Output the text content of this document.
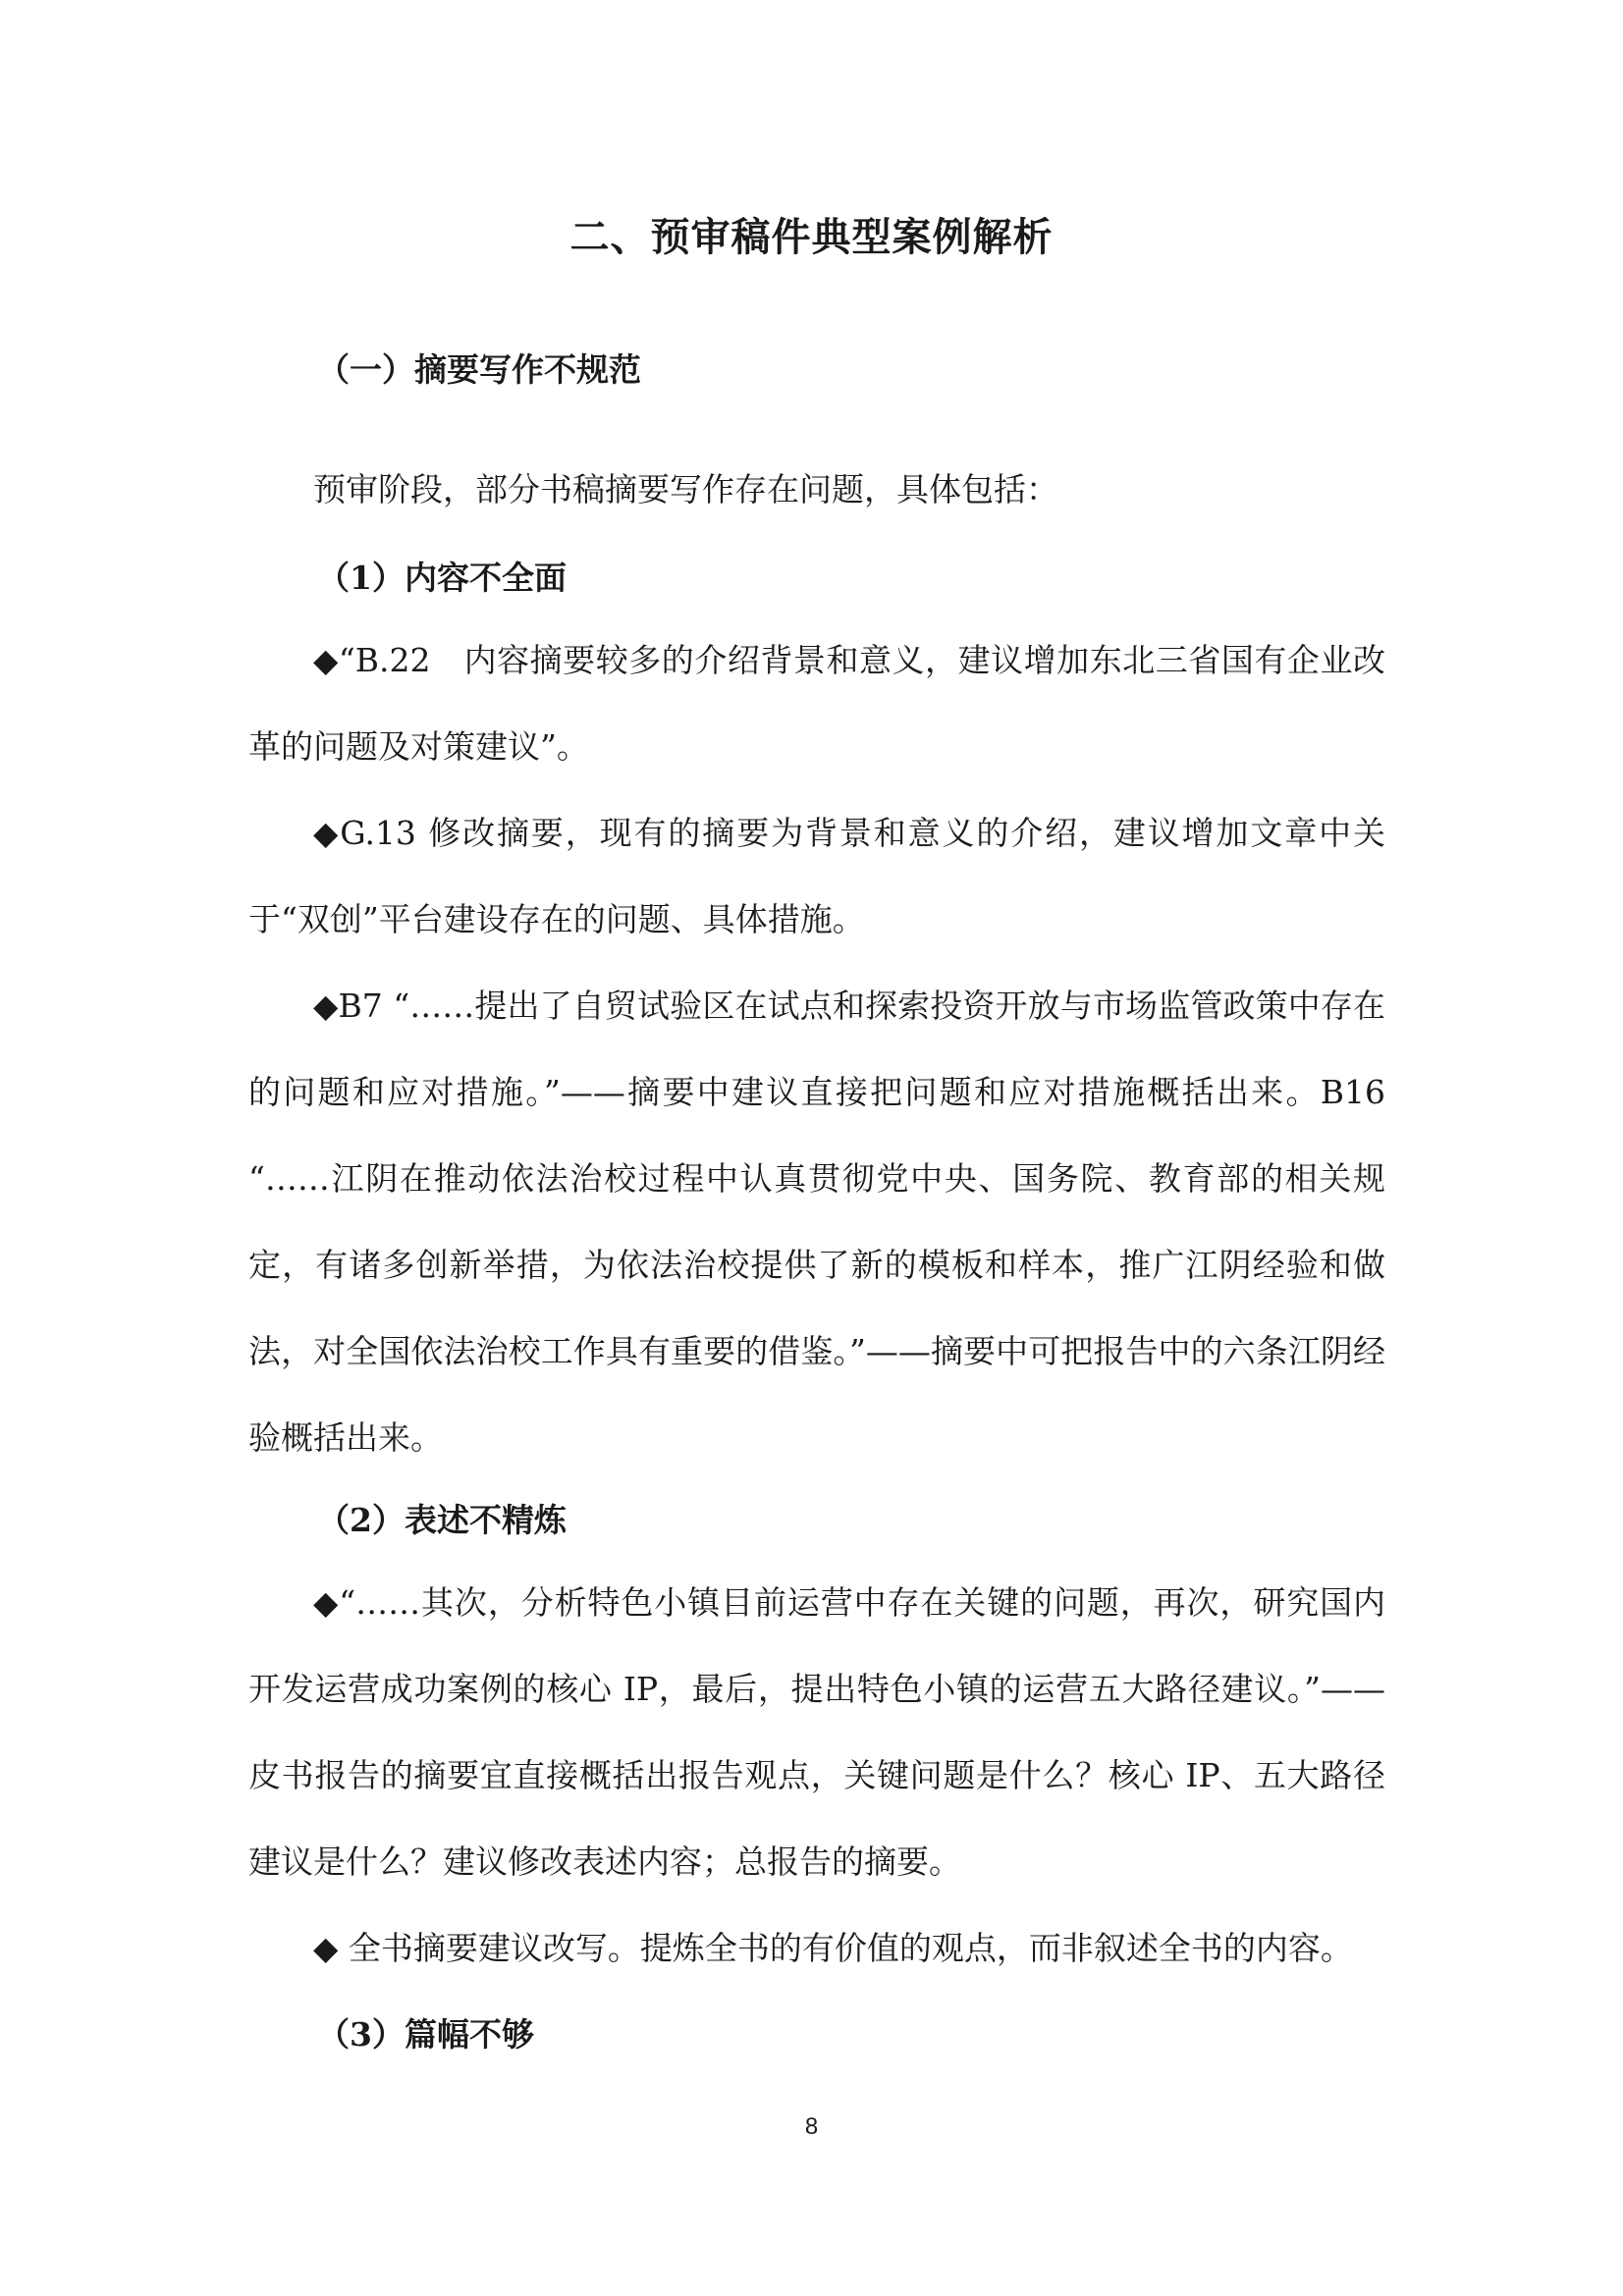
二、预审稿件典型案例解析
（一）摘要写作不规范

预审阶段，部分书稿摘要写作存在问题，具体包括：

（1）内容不全面

◆“B.22　内容摘要较多的介绍背景和意义，建议增加东北三省国有企业改革的问题及对策建议”。

◆G.13 修改摘要，现有的摘要为背景和意义的介绍，建议增加文章中关于“双创”平台建设存在的问题、具体措施。

◆B7 “……提出了自贸试验区在试点和探索投资开放与市场监管政策中存在的问题和应对措施。”——摘要中建议直接把问题和应对措施概括出来。B16 “……江阴在推动依法治校过程中认真贯彻党中央、国务院、教育部的相关规定，有诸多创新举措，为依法治校提供了新的模板和样本，推广江阴经验和做法，对全国依法治校工作具有重要的借鉴。”——摘要中可把报告中的六条江阴经验概括出来。

（2）表述不精炼

◆“……其次，分析特色小镇目前运营中存在关键的问题，再次，研究国内开发运营成功案例的核心 IP，最后，提出特色小镇的运营五大路径建议。”——皮书报告的摘要宜直接概括出报告观点，关键问题是什么？核心 IP、五大路径建议是什么？建议修改表述内容；总报告的摘要。

◆ 全书摘要建议改写。提炼全书的有价值的观点，而非叙述全书的内容。

（3）篇幅不够
8
